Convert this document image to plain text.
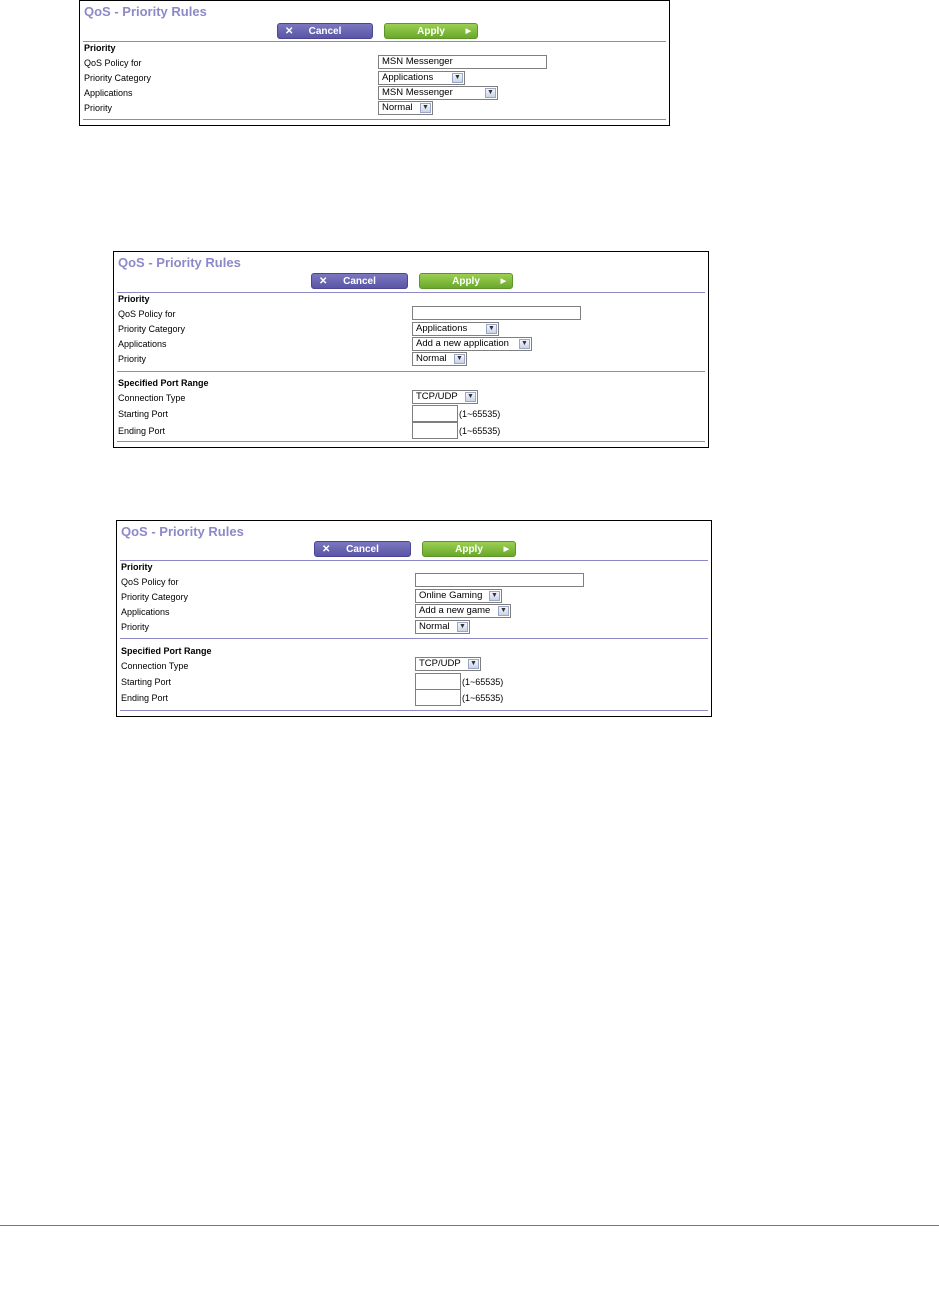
QoS - Priority Rules
✕	Cancel	Apply	▶
Priority
QoS Policy for	MSN Messenger
Priority Category	Applications	▼
Applications	MSN Messenger	▼
Priority	Normal ▼
QoS - Priority Rules
✕	Cancel	Apply	▶
Priority
QoS Policy for
Priority Category	Applications	▼
Applications	Add a new application ▼
Priority	Normal ▼
Specified Port Range
Connection Type	TCP/UDP ▼
Starting Port	(1~65535)
Ending Port	(1~65535)
QoS - Priority Rules
✕	Cancel	Apply	▶
Priority
QoS Policy for
Priority Category	Online Gaming ▼
Applications	Add a new game ▼
Priority	Normal ▼
Specified Port Range
Connection Type	TCP/UDP ▼
Starting Port	(1~65535)
Ending Port	(1~65535)
